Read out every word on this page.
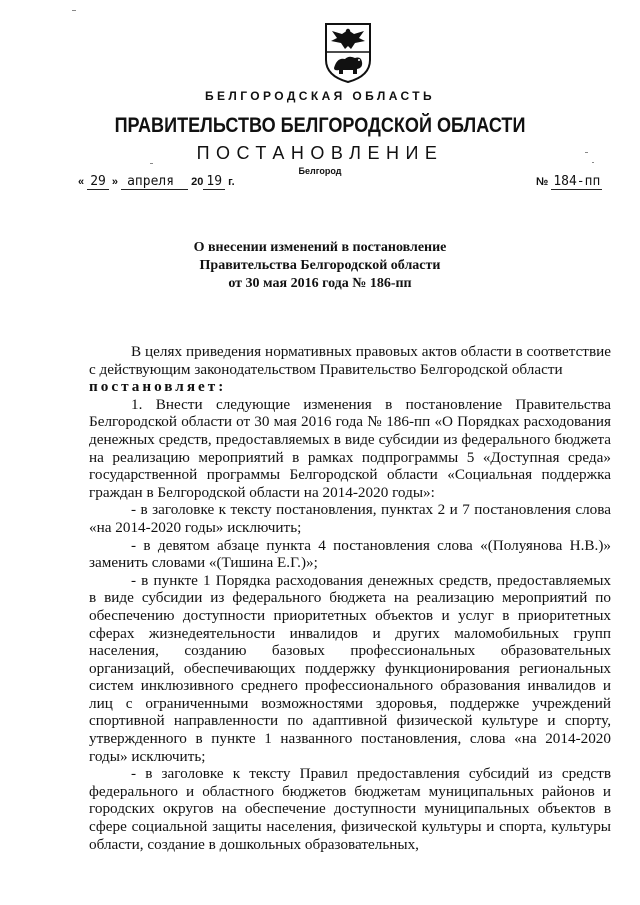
БЕЛГОРОДСКАЯ ОБЛАСТЬ
ПРАВИТЕЛЬСТВО БЕЛГОРОДСКОЙ ОБЛАСТИ
ПОСТАНОВЛЕНИЕ
Белгород
« 29 » апреля 20 19 г.	№ 184-пп
О внесении изменений в постановление
Правительства Белгородской области
от 30 мая 2016 года № 186-пп

В целях приведения нормативных правовых актов области в соответствие с действующим законодательством Правительство Белгородской области

постановляет:

1. Внести следующие изменения в постановление Правительства Белгородской области от 30 мая 2016 года № 186-пп «О Порядках расходования денежных средств, предоставляемых в виде субсидии из федерального бюджета на реализацию мероприятий в рамках подпрограммы 5 «Доступная среда» государственной программы Белгородской области «Социальная поддержка граждан в Белгородской области на 2014-2020 годы»:

- в заголовке к тексту постановления, пунктах 2 и 7 постановления слова «на 2014-2020 годы» исключить;

- в девятом абзаце пункта 4 постановления слова «(Полуянова Н.В.)» заменить словами «(Тишина Е.Г.)»;

- в пункте 1 Порядка расходования денежных средств, предоставляемых в виде субсидии из федерального бюджета на реализацию мероприятий по обеспечению доступности приоритетных объектов и услуг в приоритетных сферах жизнедеятельности инвалидов и других маломобильных групп населения, созданию базовых профессиональных образовательных организаций, обеспечивающих поддержку функционирования региональных систем инклюзивного среднего профессионального образования инвалидов и лиц с ограниченными возможностями здоровья, поддержке учреждений спортивной направленности по адаптивной физической культуре и спорту, утвержденного в пункте 1 названного постановления, слова «на 2014-2020 годы» исключить;

- в заголовке к тексту Правил предоставления субсидий из средств федерального и областного бюджетов бюджетам муниципальных районов и городских округов на обеспечение доступности муниципальных объектов в сфере социальной защиты населения, физической культуры и спорта, культуры области, создание в дошкольных образовательных,
